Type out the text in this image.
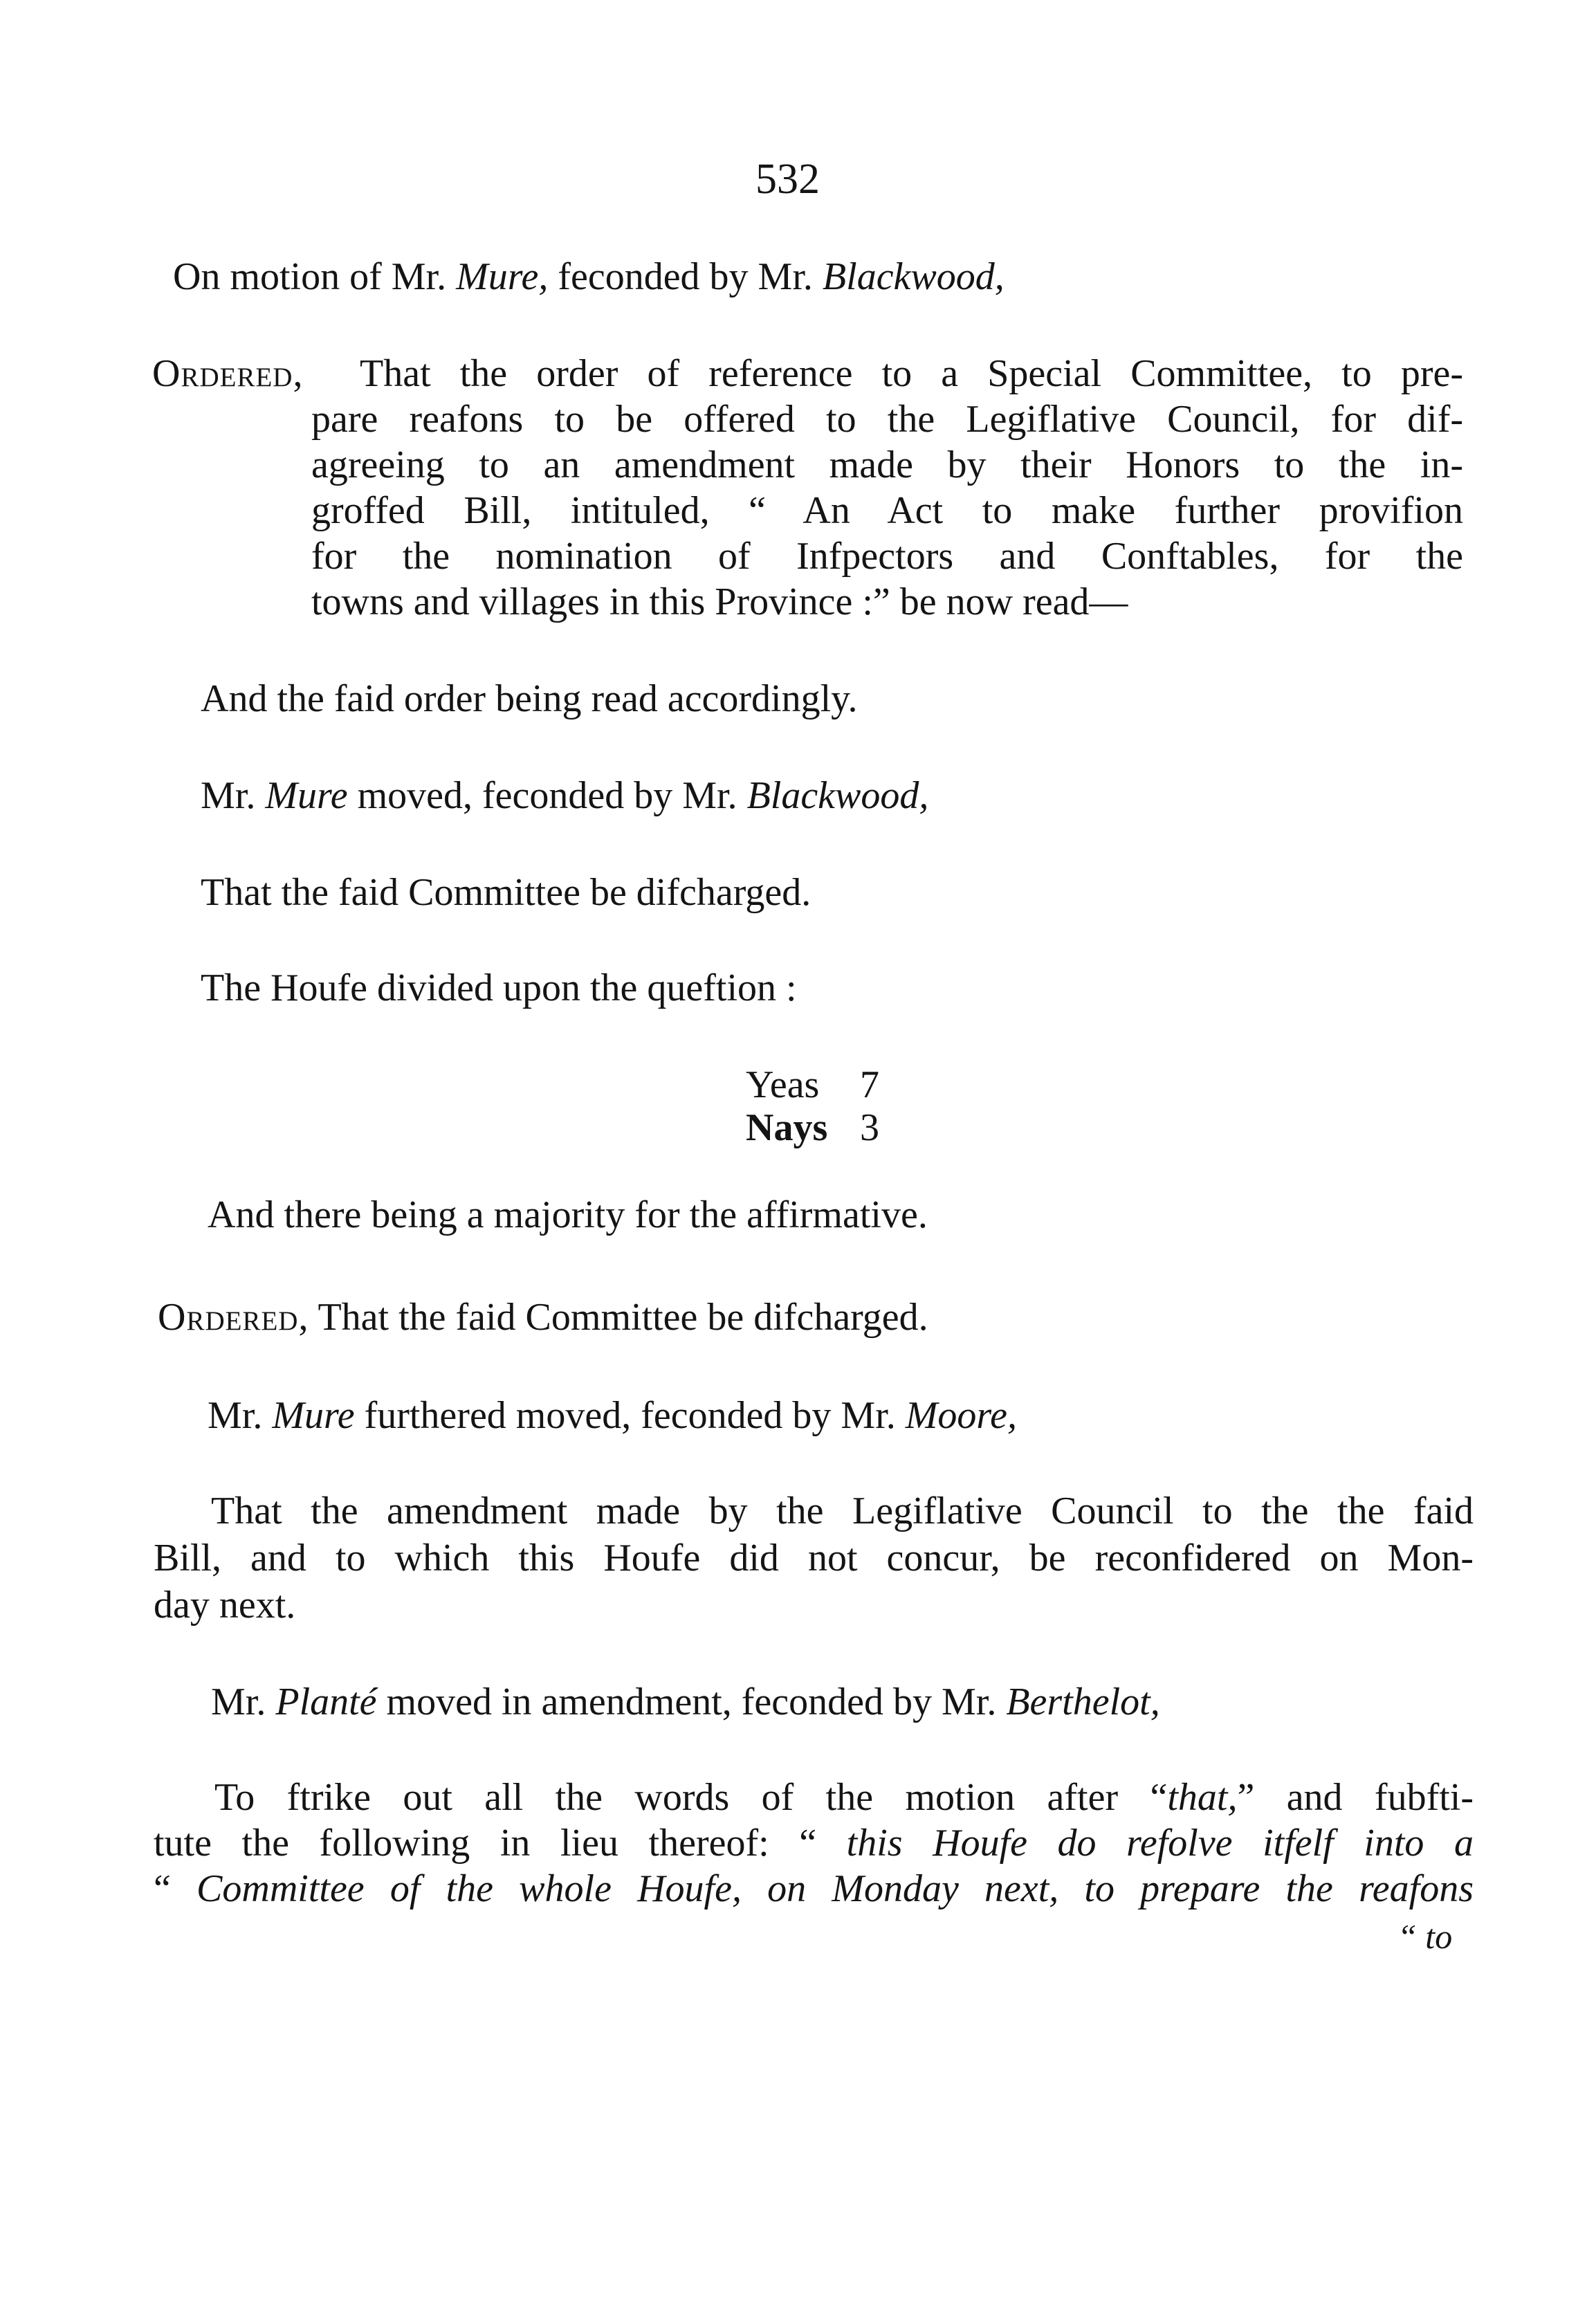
532
On motion of Mr. Mure, feconded by Mr. Blackwood,
Ordered, That the order of reference to a Special Committee, to pre-
pare reafons to be offered to the Legiflative Council, for dif-
agreeing to an amendment made by their Honors to the in-
groffed Bill, intituled, “ An Act to make further provifion
for the nomination of Infpectors and Conftables, for the
towns and villages in this Province :” be now read—
And the faid order being read accordingly.
Mr. Mure moved, feconded by Mr. Blackwood,
That the faid Committee be difcharged.
The Houfe divided upon the queftion :
Yeas 7
Nays 3
And there being a majority for the affirmative.
Ordered, That the faid Committee be difcharged.
Mr. Mure furthered moved, feconded by Mr. Moore,
That the amendment made by the Legiflative Council to the the faid
Bill, and to which this Houfe did not concur, be reconfidered on Mon-
day next.
Mr. Planté moved in amendment, feconded by Mr. Berthelot,
To ftrike out all the words of the motion after “that,” and fubfti-
tute the following in lieu thereof: “ this Houfe do refolve itfelf into a
“ Committee of the whole Houfe, on Monday next, to prepare the reafons
“ to
